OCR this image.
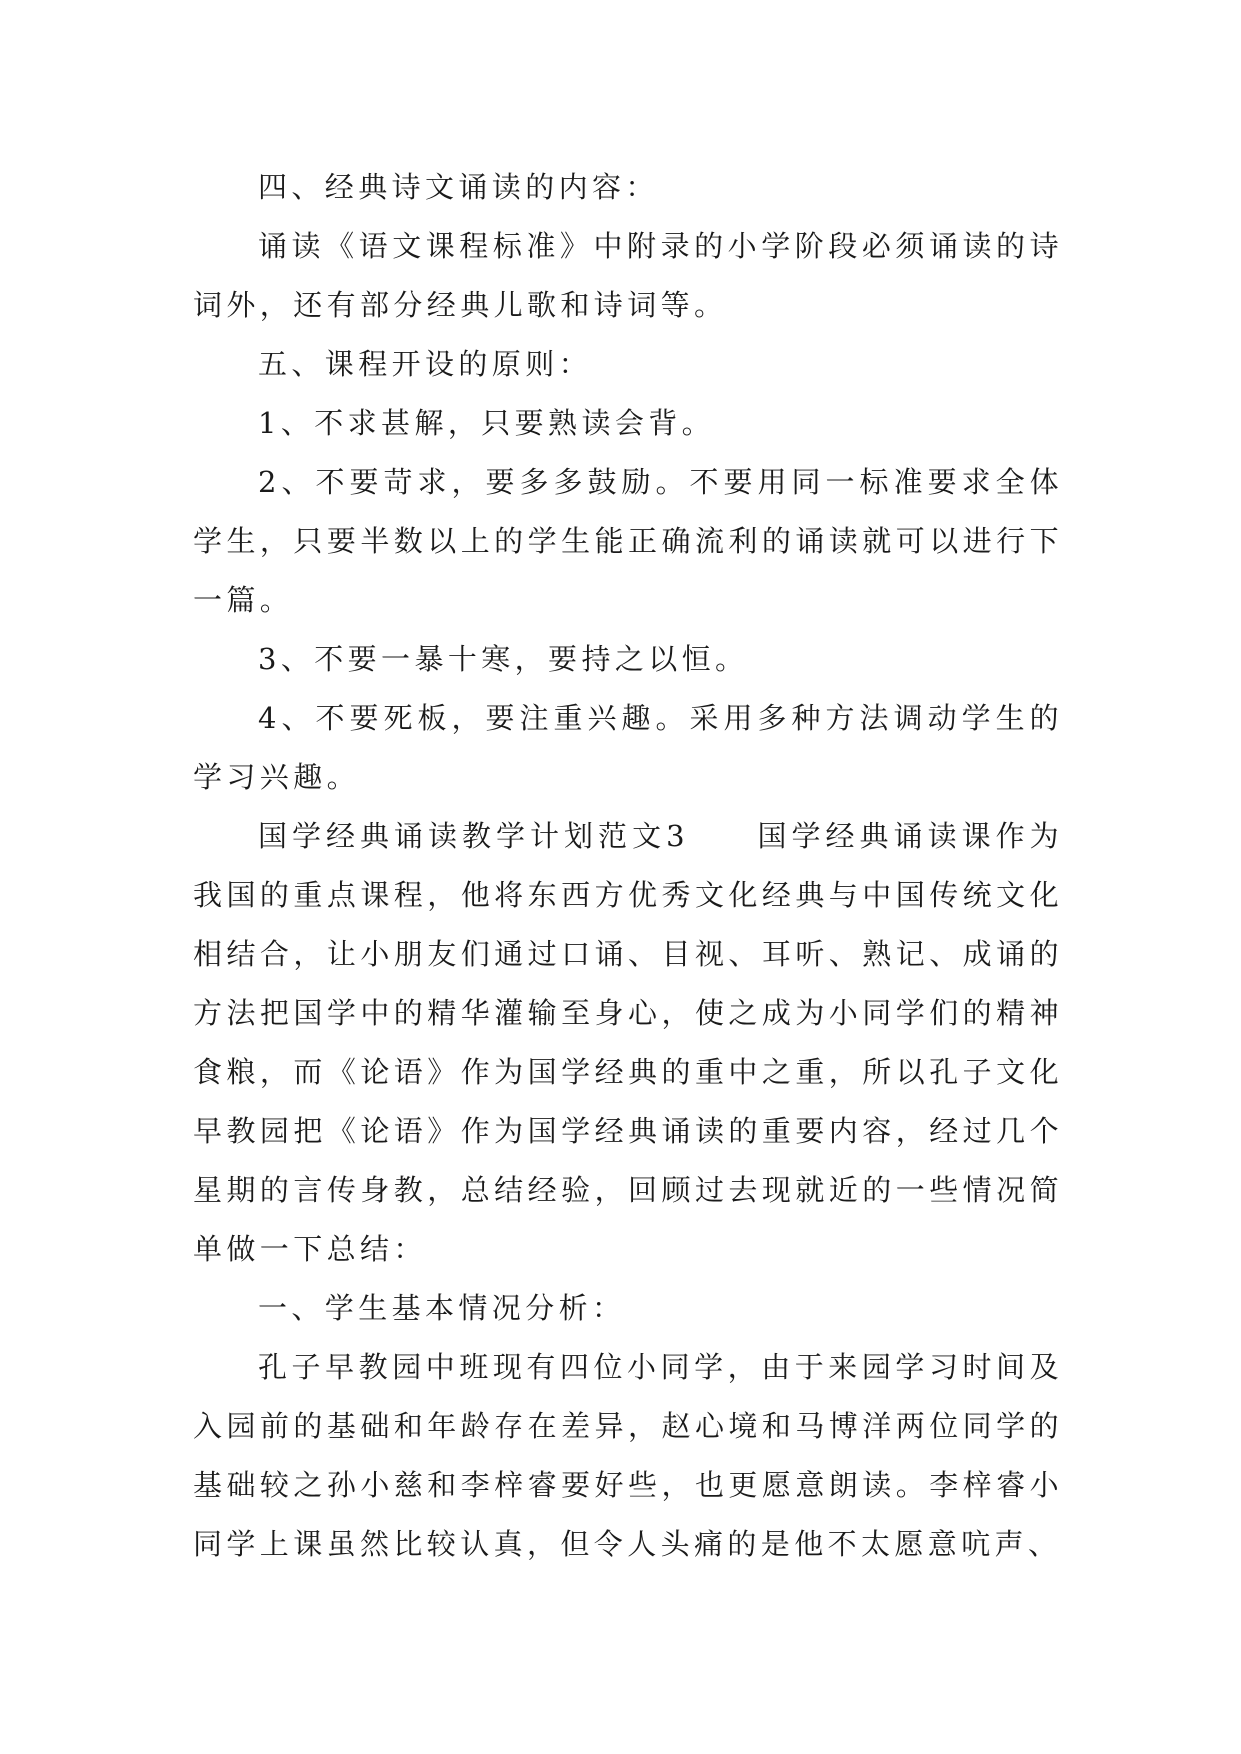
四、经典诗文诵读的内容：

诵读《语文课程标准》中附录的小学阶段必须诵读的诗词外，还有部分经典儿歌和诗词等。

五、课程开设的原则：

1、不求甚解，只要熟读会背。

2、不要苛求，要多多鼓励。不要用同一标准要求全体学生，只要半数以上的学生能正确流利的诵读就可以进行下一篇。

3、不要一暴十寒，要持之以恒。

4、不要死板，要注重兴趣。采用多种方法调动学生的学习兴趣。

国学经典诵读教学计划范文3　　国学经典诵读课作为我国的重点课程，他将东西方优秀文化经典与中国传统文化相结合，让小朋友们通过口诵、目视、耳听、熟记、成诵的方法把国学中的精华灌输至身心，使之成为小同学们的精神食粮，而《论语》作为国学经典的重中之重，所以孔子文化早教园把《论语》作为国学经典诵读的重要内容，经过几个星期的言传身教，总结经验，回顾过去现就近的一些情况简单做一下总结：

一、学生基本情况分析：

孔子早教园中班现有四位小同学，由于来园学习时间及入园前的基础和年龄存在差异，赵心境和马博洋两位同学的基础较之孙小慈和李梓睿要好些，也更愿意朗读。李梓睿小同学上课虽然比较认真，但令人头痛的是他不太愿意吭声、
